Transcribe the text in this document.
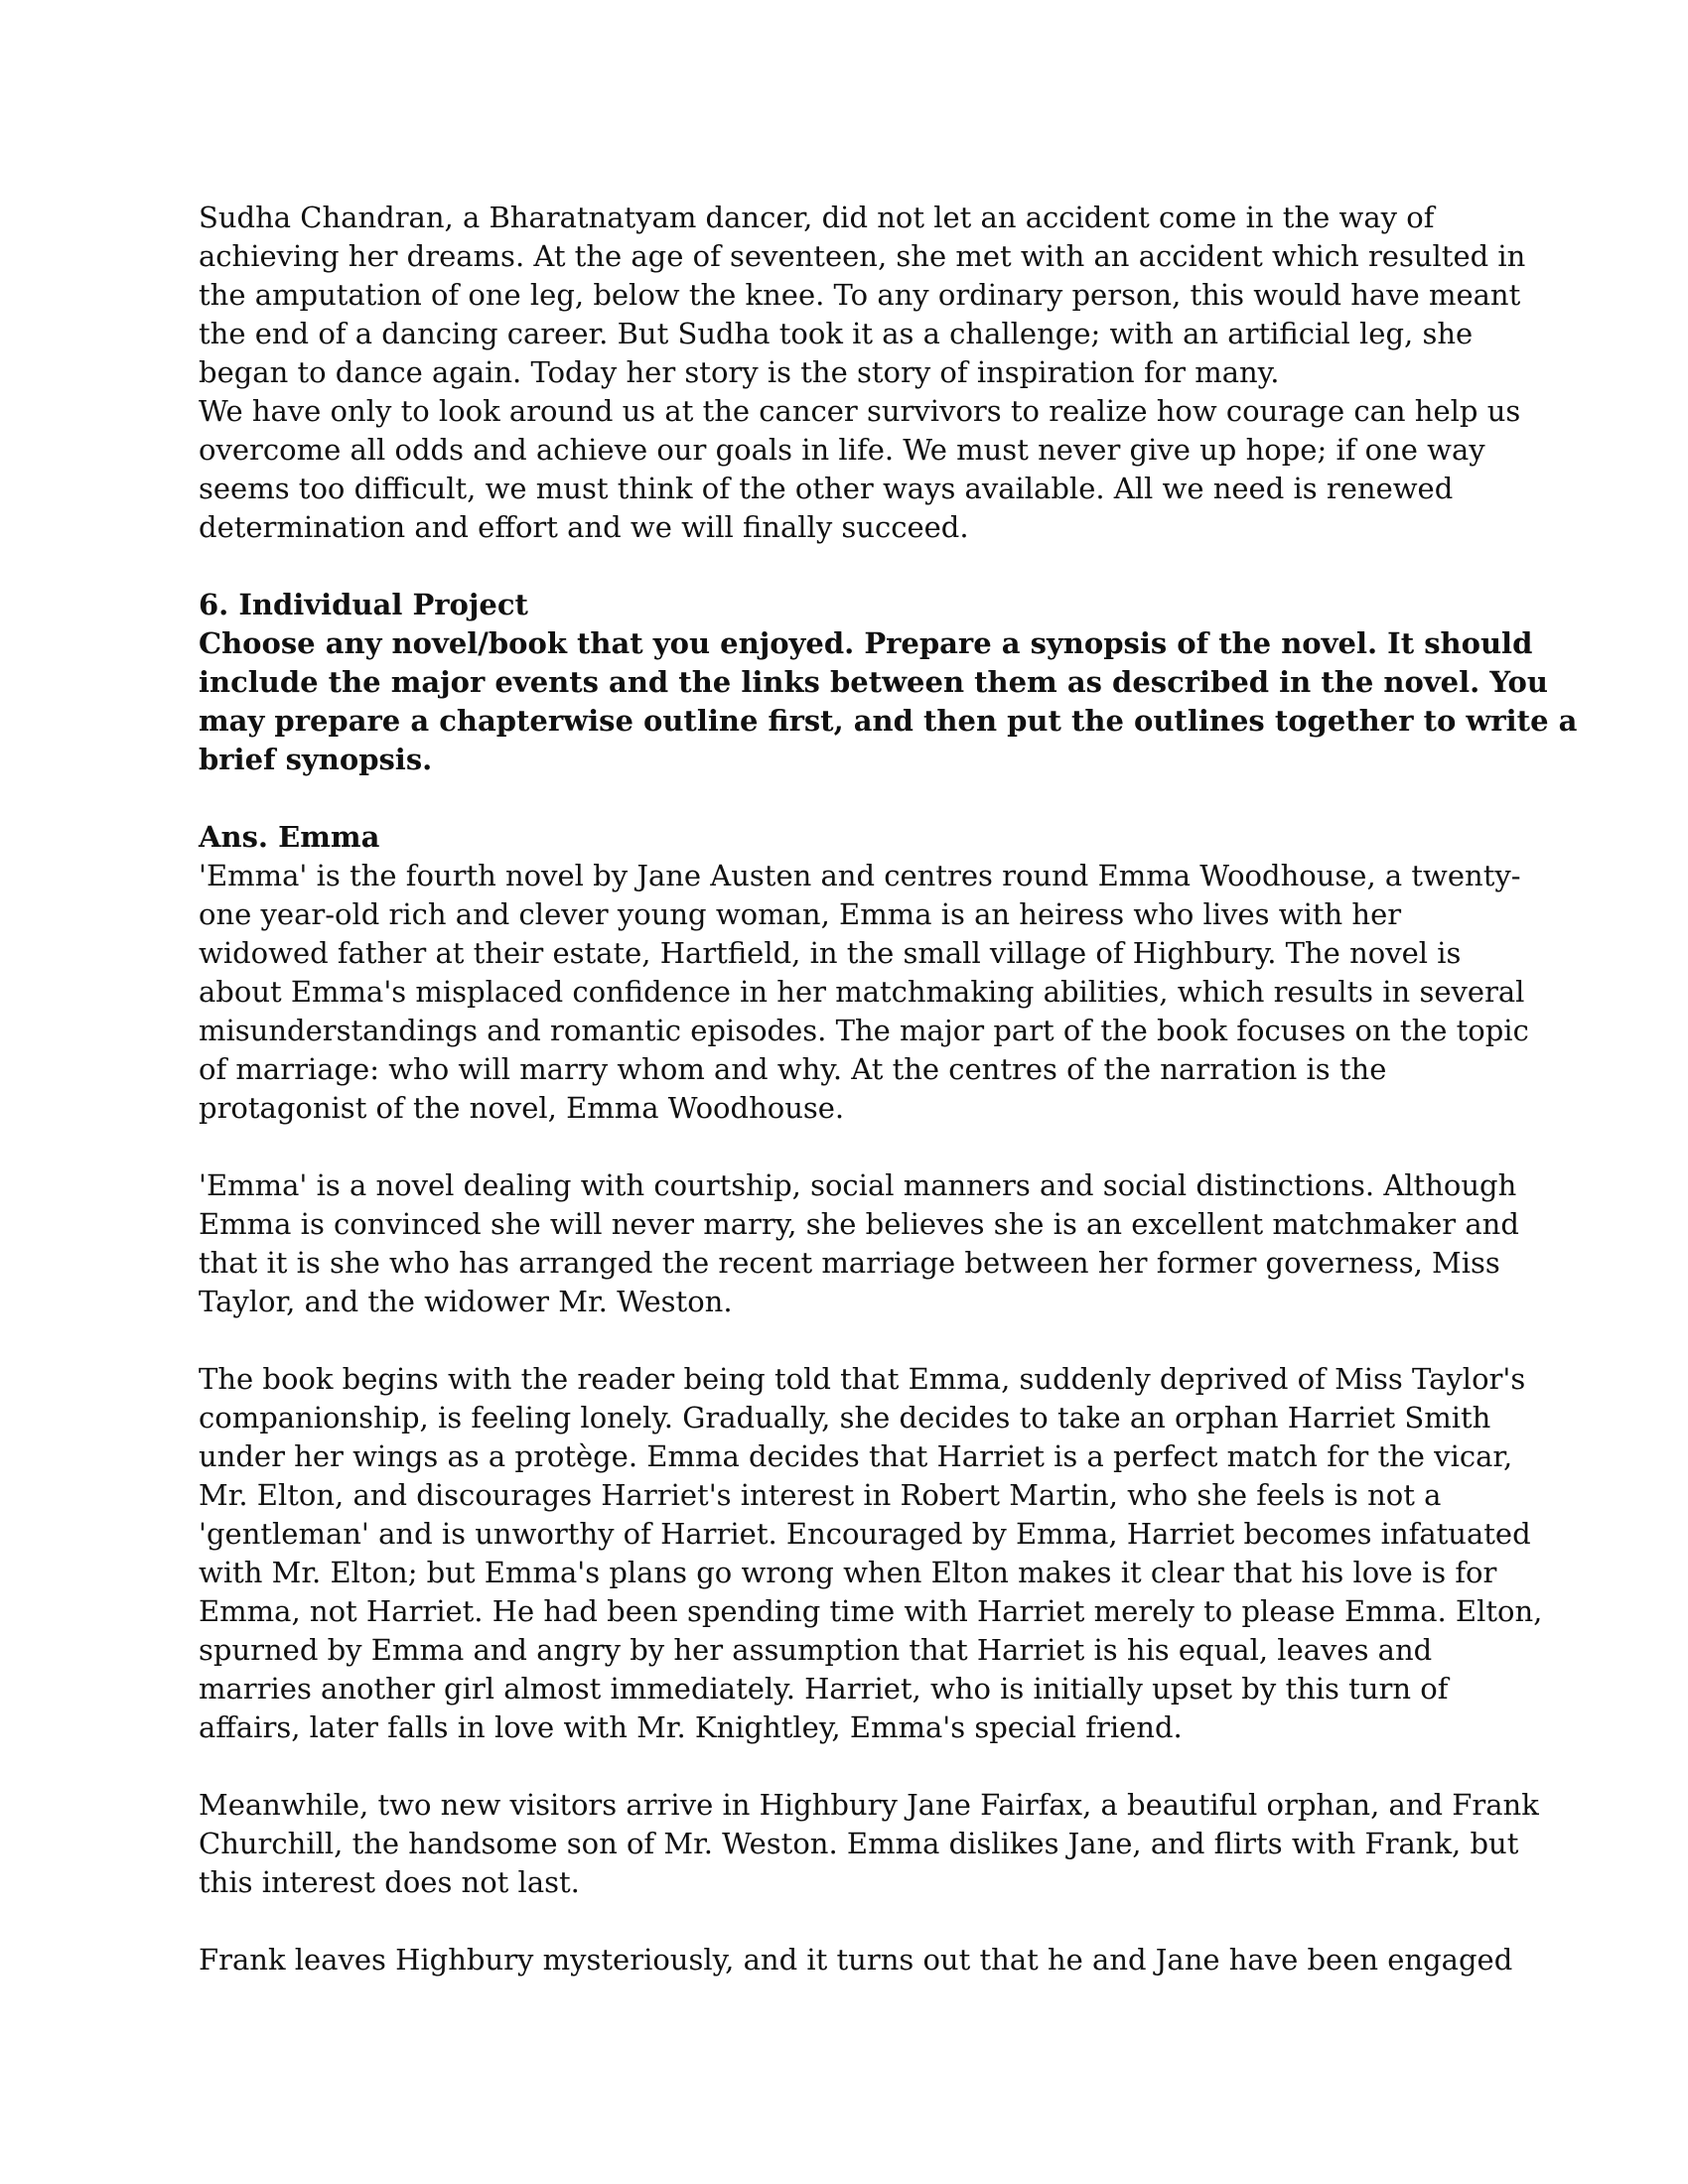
Sudha Chandran, a Bharatnatyam dancer, did not let an accident come in the way of
achieving her dreams. At the age of seventeen, she met with an accident which resulted in
the amputation of one leg, below the knee. To any ordinary person, this would have meant
the end of a dancing career. But Sudha took it as a challenge; with an artificial leg, she
began to dance again. Today her story is the story of inspiration for many.
We have only to look around us at the cancer survivors to realize how courage can help us
overcome all odds and achieve our goals in life. We must never give up hope; if one way
seems too difficult, we must think of the other ways available. All we need is renewed
determination and effort and we will finally succeed.
6. Individual Project
Choose any novel/book that you enjoyed. Prepare a synopsis of the novel. It should
include the major events and the links between them as described in the novel. You
may prepare a chapterwise outline first, and then put the outlines together to write a
brief synopsis.
Ans. Emma
'Emma' is the fourth novel by Jane Austen and centres round Emma Woodhouse, a twenty-
one year-old rich and clever young woman, Emma is an heiress who lives with her
widowed father at their estate, Hartfield, in the small village of Highbury. The novel is
about Emma's misplaced confidence in her matchmaking abilities, which results in several
misunderstandings and romantic episodes. The major part of the book focuses on the topic
of marriage: who will marry whom and why. At the centres of the narration is the
protagonist of the novel, Emma Woodhouse.
'Emma' is a novel dealing with courtship, social manners and social distinctions. Although
Emma is convinced she will never marry, she believes she is an excellent matchmaker and
that it is she who has arranged the recent marriage between her former governess, Miss
Taylor, and the widower Mr. Weston.
The book begins with the reader being told that Emma, suddenly deprived of Miss Taylor's
companionship, is feeling lonely. Gradually, she decides to take an orphan Harriet Smith
under her wings as a protège. Emma decides that Harriet is a perfect match for the vicar,
Mr. Elton, and discourages Harriet's interest in Robert Martin, who she feels is not a
'gentleman' and is unworthy of Harriet. Encouraged by Emma, Harriet becomes infatuated
with Mr. Elton; but Emma's plans go wrong when Elton makes it clear that his love is for
Emma, not Harriet. He had been spending time with Harriet merely to please Emma. Elton,
spurned by Emma and angry by her assumption that Harriet is his equal, leaves and
marries another girl almost immediately. Harriet, who is initially upset by this turn of
affairs, later falls in love with Mr. Knightley, Emma's special friend.
Meanwhile, two new visitors arrive in Highbury Jane Fairfax, a beautiful orphan, and Frank
Churchill, the handsome son of Mr. Weston. Emma dislikes Jane, and flirts with Frank, but
this interest does not last.
Frank leaves Highbury mysteriously, and it turns out that he and Jane have been engaged
